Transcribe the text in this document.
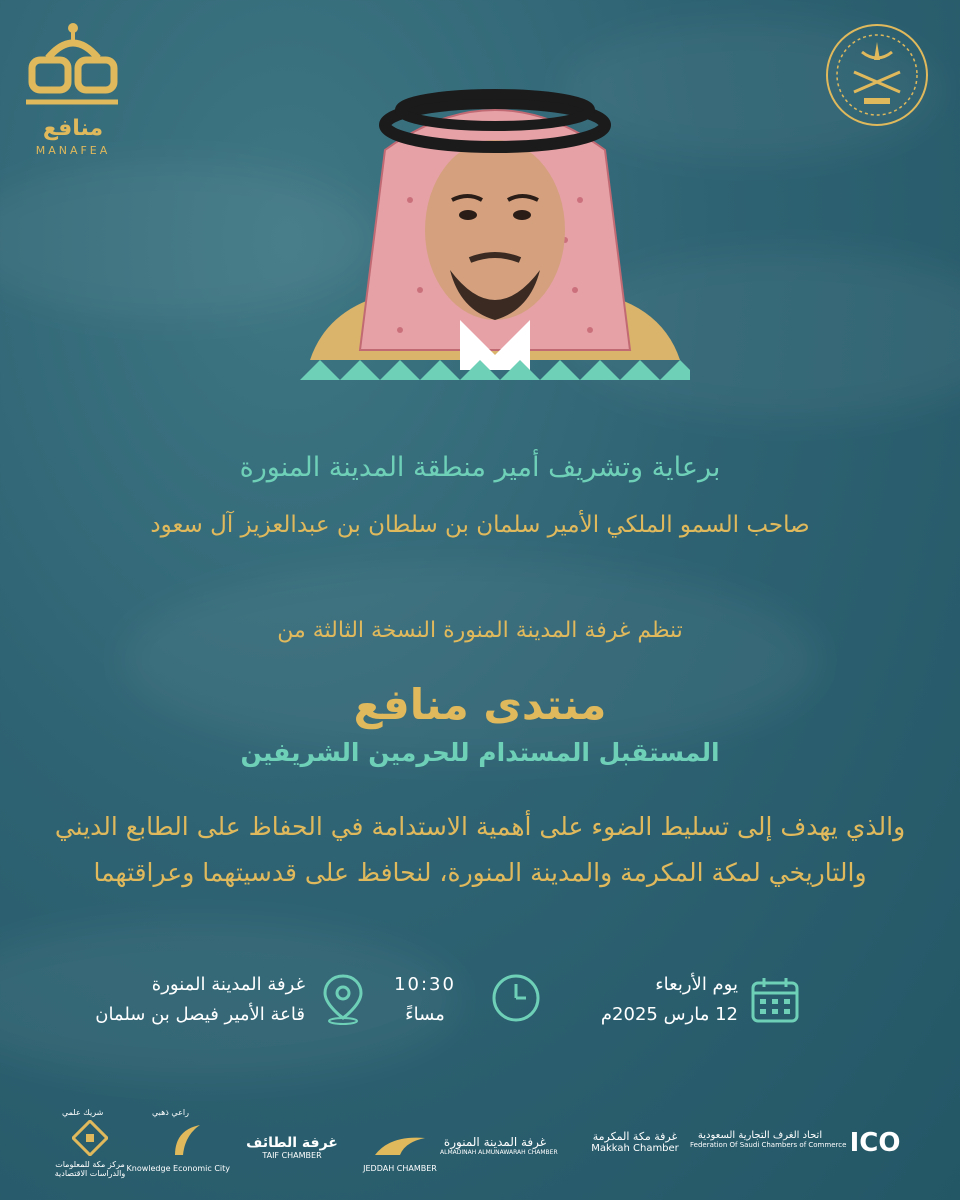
منافع
MANAFEA
برعاية وتشريف أمير منطقة المدينة المنورة
صاحب السمو الملكي الأمير سلمان بن سلطان بن عبدالعزيز آل سعود
تنظم غرفة المدينة المنورة النسخة الثالثة من
منتدى منافع
المستقبل المستدام للحرمين الشريفين
والذي يهدف إلى تسليط الضوء على أهمية الاستدامة في الحفاظ على الطابع الديني
والتاريخي لمكة المكرمة والمدينة المنورة، لنحافظ على قدسيتهما وعراقتهما
يوم الأربعاء
12 مارس 2025م
10:30
مساءً
غرفة المدينة المنورة
قاعة الأمير فيصل بن سلمان
شريك علمي	راعي ذهبي
مركز مكة للمعلومات والدراسات الاقتصادية
Knowledge Economic City
غرفة الطائف
TAIF CHAMBER
JEDDAH CHAMBER
غرفة المدينة المنورة
ALMADINAH ALMUNAWARAH CHAMBER
غرفة مكة المكرمة
Makkah Chamber
اتحاد الغرف التجارية السعودية
Federation Of Saudi Chambers of Commerce ICO
